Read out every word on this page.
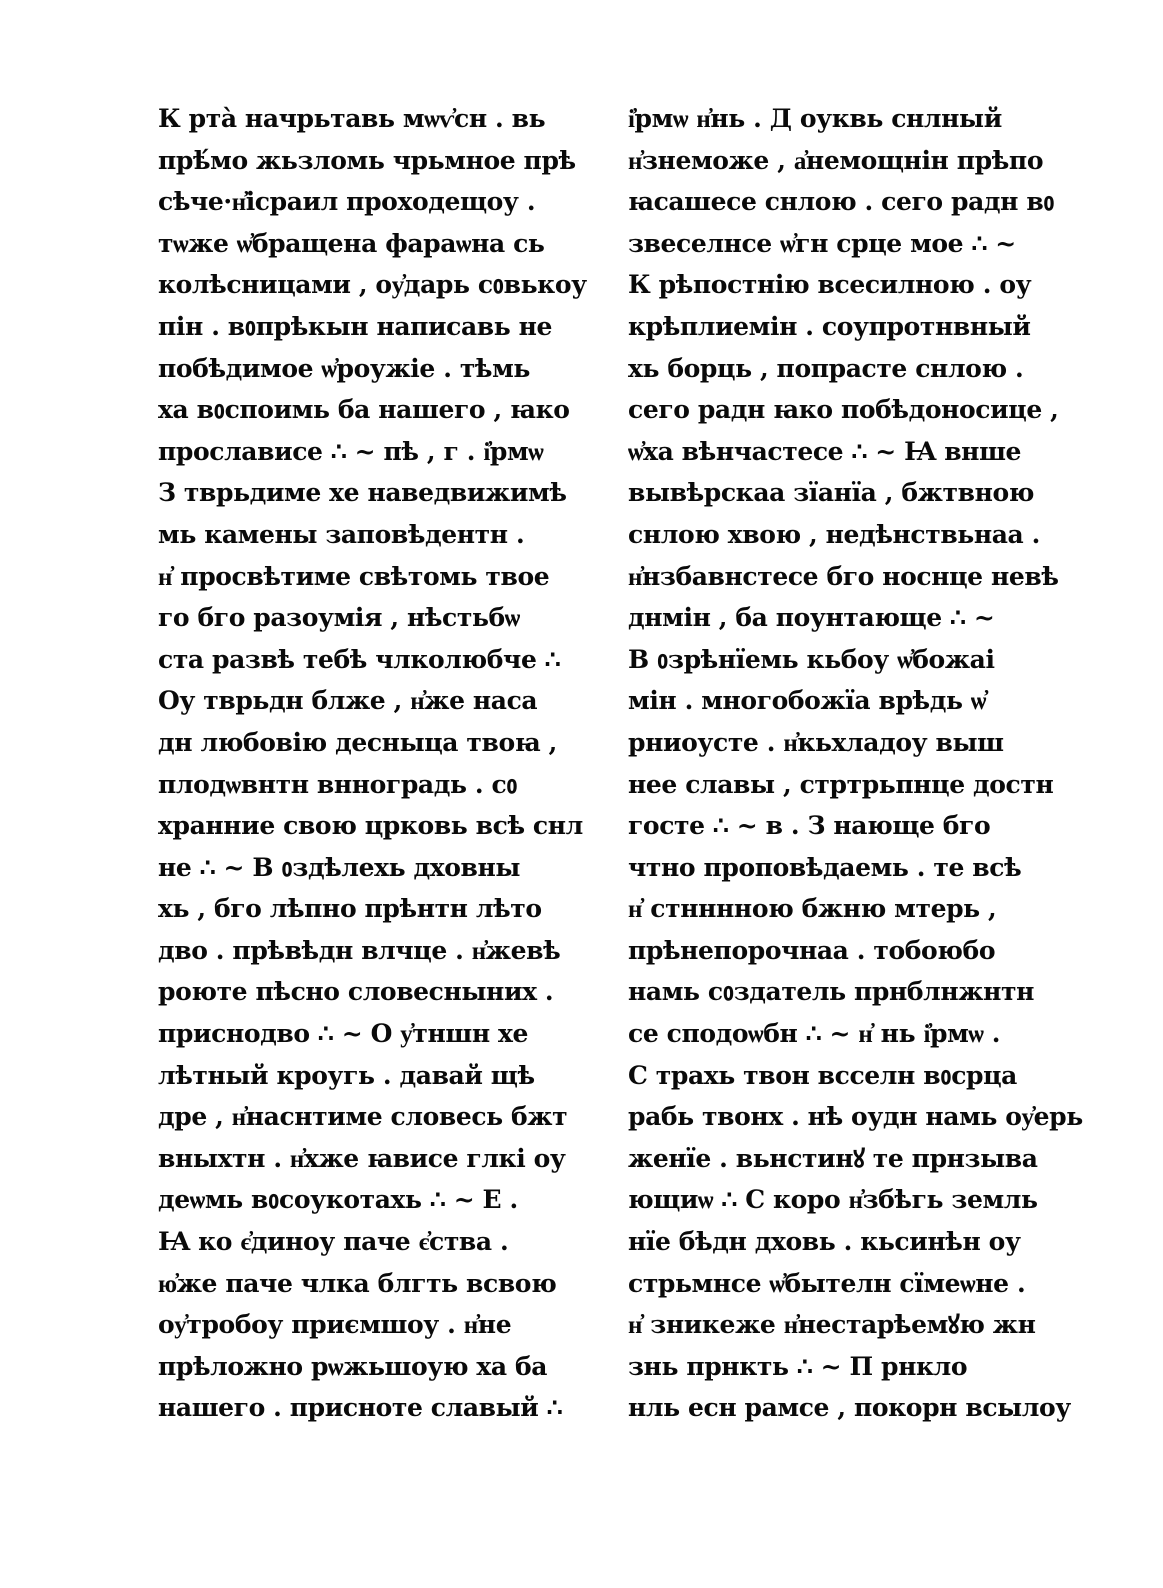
К рта̀ начрьтавь мѡѵ҆сн . вь
прѣ́мо жьзломь чрьмное прѣ
сѣче·н҆ісраил проходещоу .
тѡже ѡ҆бращена фараѡна сь
колѣсницами , оу҆дарь сᲂвькоу
пін . вᲂпрѣкын написавь не
побѣдимое ѡ҆роужіе . тѣмь
ха вᲂспоимь ба нашего , ꙗко
прослависе ∴ ~ пѣ , г . і҆рмѡ
З тврьдиме хе наведвижимѣ
мь камены заповѣдентн .
н҆ просвѣтиме свѣтомь твое
го бго разоумія , нѣстьбѡ
ста развѣ тебѣ члколюбче ∴
Оу тврьдн блже , н҆же наса
дн любовію десныца твоꙗ ,
плодѡвнтн внноградь . сᲂ
хранние свою црковь всѣ снл
не ∴ ~ В ᲂздѣлехь дховны
хь , бго лѣпно прѣнтн лѣто
дво . прѣвѣдн влчце . н҆жевѣ
роюте пѣсно словесныних .
приснодво ∴ ~ О у҆тншн хе
лѣтный кроугь . давай щѣ
дре , н҆наснтиме словесь бжт
вныхтн . н҆хже ꙗвисе глкі оу
деѡмь вᲂсоукотахь ∴ ~ Е .
Ꙗ ко є҆диноу паче є҆ства .
ю҆же паче члка блгть всвою
оу҆тробоу приємшоу . н҆не
прѣложно рѡжьшоую ха ба
нашего . присноте славый ∴
і҆рмѡ н҆нь . Д оуквь снлный
н҆знеможе , а҆немощнін прѣпо
ꙗсашесе снлою . сего радн вᲂ
звеселнсе ѡ҆гн срце мое ∴ ~
К рѣпостнію всесилною . оу
крѣплиемін . соупротнвный
хь борць , попрасте снлою .
сего радн ꙗко побѣдоносице ,
ѡ҆ха вѣнчастесе ∴ ~ Ꙗ внше
вывѣрскаа зїанїа , бжтвною
снлою хвою , недѣнствьнаа .
н҆нзбавнстесе бго носнце невѣ
днмін , ба поунтающе ∴ ~
В ᲂзрѣнїемь кьбоу ѡ҆божаі
мін . многобожїа врѣдь ѡ҆
рниоусте . н҆кьхладоу выш
нее славы , стртрьпнце достн
госте ∴ ~ в . З нающе бго
чтно проповѣдаемь . те всѣ
н҆ стнннною бжню мтерь ,
прѣнепорочнаа . тобоюбо
намь сᲂздатель прнблнжнтн
се сподоѡбн ∴ ~ н҆ нь і҆рмѡ .
С трахь твон всселн вᲂсрца
рабь твонх . нѣ оудн намь оу҆ерь
женїе . вьнстинꙋ те прнзыва
ющиѡ ∴ С коро н҆збѣгь земль
нїе бѣдн дховь . кьсинѣн оу
стрьмнсе ѡ҆бытелн сїмеѡне .
н҆ зникеже н҆нестарѣемꙋю жн
знь прнкть ∴ ~ П рнкло
нль есн рамсе , покорн всылоу
